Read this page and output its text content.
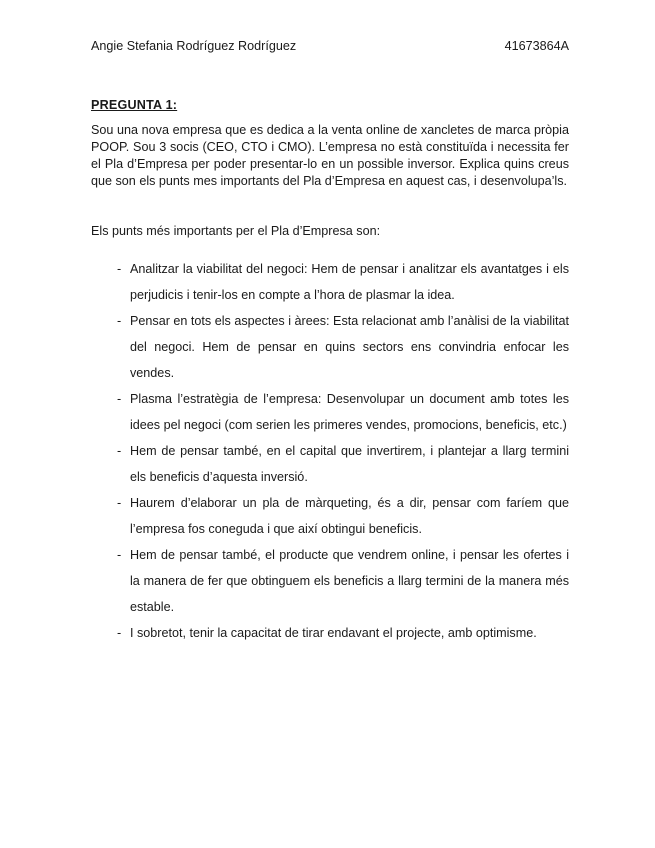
Angie Stefania Rodríguez Rodríguez	41673864A
PREGUNTA 1:
Sou una nova empresa que es dedica a la venta online de xancletes de marca pròpia POOP. Sou 3 socis (CEO, CTO i CMO). L’empresa no està constituïda i necessita fer el Pla d’Empresa per poder presentar-lo en un possible inversor. Explica quins creus que son els punts mes importants del Pla d’Empresa en aquest cas, i desenvolupa’ls.
Els punts més importants per el Pla d’Empresa son:
- Analitzar la viabilitat del negoci: Hem de pensar i analitzar els avantatges i els perjudicis i tenir-los en compte a l’hora de plasmar la idea.
- Pensar en tots els aspectes i àrees: Esta relacionat amb l’anàlisi de la viabilitat del negoci. Hem de pensar en quins sectors ens convindria enfocar les vendes.
- Plasma l’estratègia de l’empresa: Desenvolupar un document amb totes les idees pel negoci (com serien les primeres vendes, promocions, beneficis, etc.)
- Hem de pensar també, en el capital que invertirem, i plantejar a llarg termini els beneficis d’aquesta inversió.
- Haurem d’elaborar un pla de màrqueting, és a dir, pensar com faríem que l’empresa fos coneguda i que així obtingui beneficis.
- Hem de pensar també, el producte que vendrem online, i pensar les ofertes i la manera de fer que obtinguem els beneficis a llarg termini de la manera més estable.
- I sobretot, tenir la capacitat de tirar endavant el projecte, amb optimisme.
